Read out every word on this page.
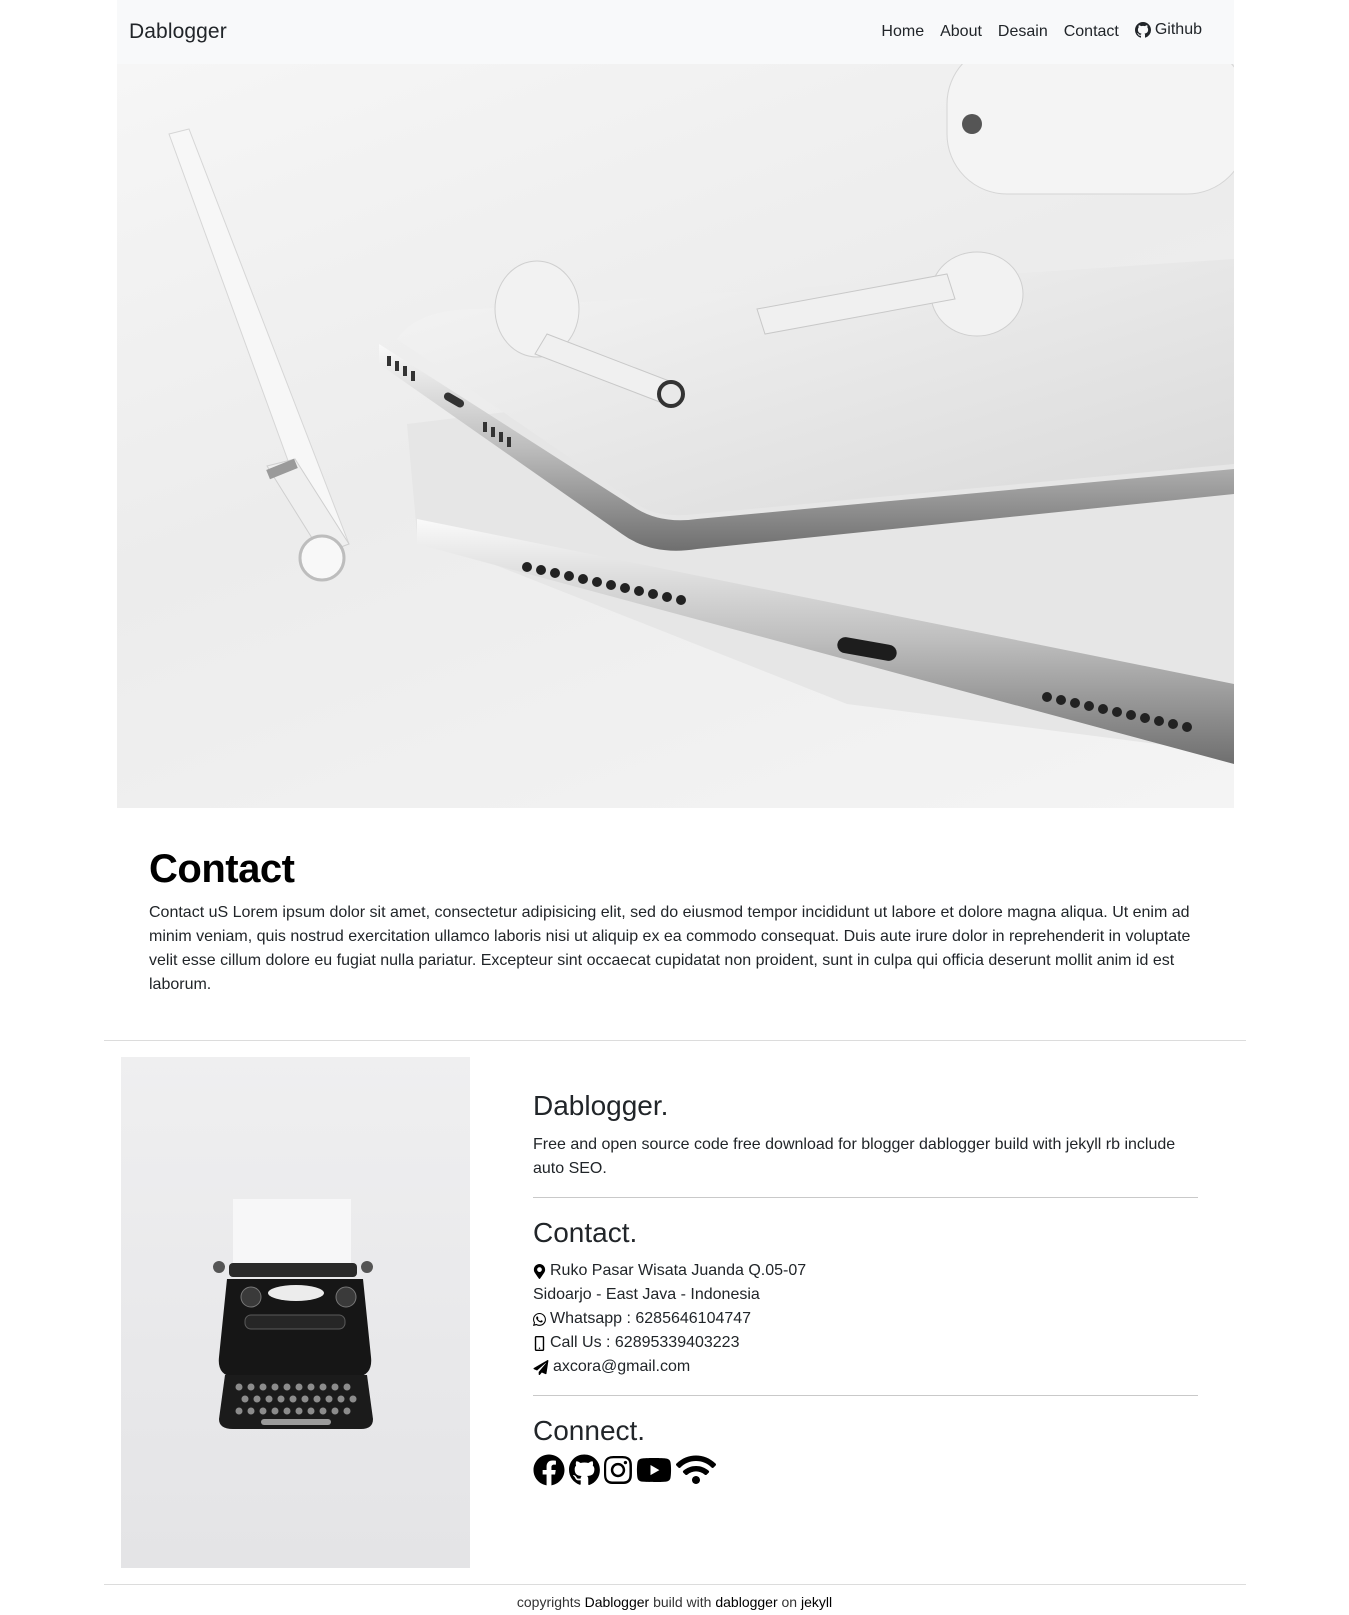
Dablogger	Home	About	Desain	Contact	Github
Contact

Contact uS Lorem ipsum dolor sit amet, consectetur adipisicing elit, sed do eiusmod tempor incididunt ut labore et dolore magna aliqua. Ut enim ad minim veniam, quis nostrud exercitation ullamco laboris nisi ut aliquip ex ea commodo consequat. Duis aute irure dolor in reprehenderit in voluptate velit esse cillum dolore eu fugiat nulla pariatur. Excepteur sint occaecat cupidatat non proident, sunt in culpa qui officia deserunt mollit anim id est laborum.

Dablogger.

Free and open source code free download for blogger dablogger build with jekyll rb include auto SEO.

Contact.
Ruko Pasar Wisata Juanda Q.05-07
Sidoarjo - East Java - Indonesia
Whatsapp : 6285646104747
Call Us : 62895339403223
axcora@gmail.com
Connect.
copyrights Dablogger build with dablogger on jekyll
